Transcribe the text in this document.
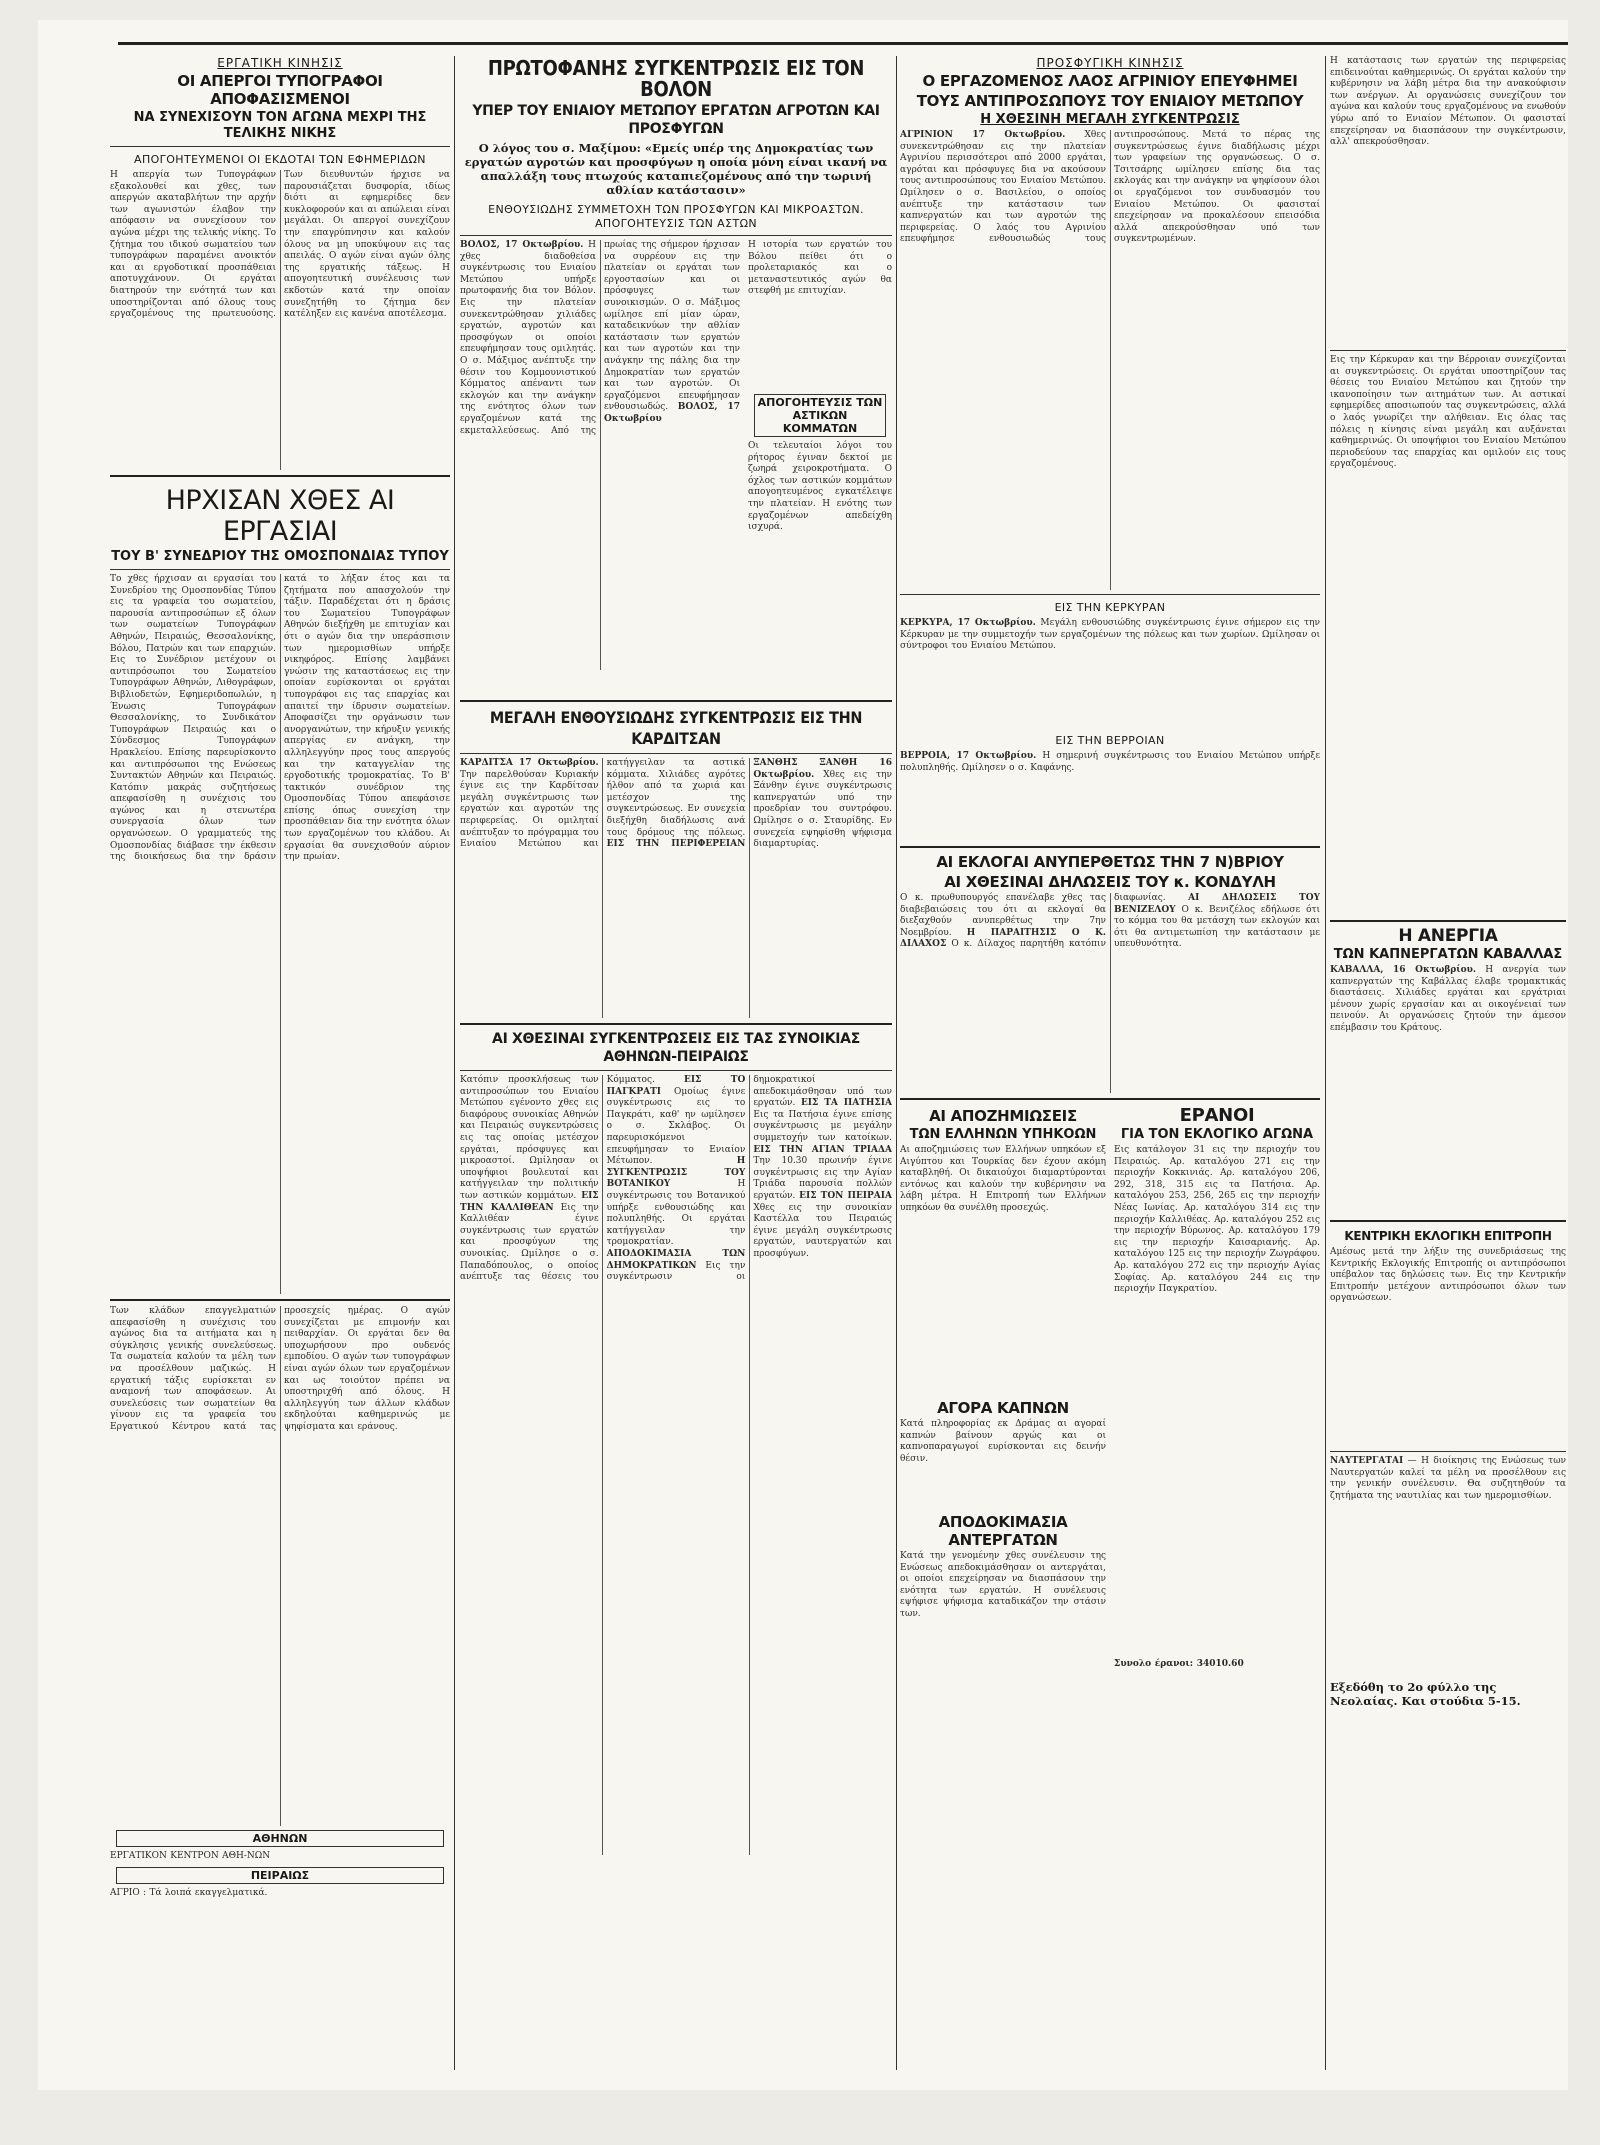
ΕΡΓΑΤΙΚΗ ΚΙΝΗΣΙΣ
ΟΙ ΑΠΕΡΓΟΙ ΤΥΠΟΓΡΑΦΟΙ ΑΠΟΦΑΣΙΣΜΕΝΟΙ
ΝΑ ΣΥΝΕΧΙΣΟΥΝ ΤΟΝ ΑΓΩΝΑ ΜΕΧΡΙ ΤΗΣ ΤΕΛΙΚΗΣ ΝΙΚΗΣ
ΑΠΟΓΟΗΤΕΥΜΕΝΟΙ ΟΙ ΕΚΔΟΤΑΙ ΤΩΝ ΕΦΗΜΕΡΙΔΩΝ
Η απεργία των Τυπογράφων εξακολουθεί και χθες, των απεργών ακαταβλήτων την αρχήν των αγωνιστών έλαβον την απόφασιν να συνεχίσουν τον αγώνα μέχρι της τελικής νίκης. Το ζήτημα του ιδικού σωματείου των τυπογράφων παραμένει ανοικτόν και αι εργοδοτικαί προσπάθειαι αποτυγχάνουν. Οι εργάται διατηρούν την ενότητά των και υποστηρίζονται από όλους τους εργαζομένους της πρωτευούσης. Των διευθυντών ήρχισε να παρουσιάζεται δυσφορία, ιδίως διότι αι εφημερίδες δεν κυκλοφορούν και αι απώλειαι είναι μεγάλαι. Οι απεργοί συνεχίζουν την επαγρύπνησιν και καλούν όλους να μη υποκύψουν εις τας απειλάς. Ο αγών είναι αγών όλης της εργατικής τάξεως. Η απογοητευτική συνέλευσις των εκδοτών κατά την οποίαν συνεζητήθη το ζήτημα δεν κατέληξεν εις κανένα αποτέλεσμα.
ΗΡΧΙΣΑΝ ΧΘΕΣ ΑΙ ΕΡΓΑΣΙΑΙ
ΤΟΥ Β' ΣΥΝΕΔΡΙΟΥ ΤΗΣ ΟΜΟΣΠΟΝΔΙΑΣ ΤΥΠΟΥ
Το χθες ήρχισαν αι εργασίαι του Συνεδρίου της Ομοσπονδίας Τύπου εις τα γραφεία του σωματείου, παρουσία αντιπροσώπων εξ όλων των σωματείων Τυπογράφων Αθηνών, Πειραιώς, Θεσσαλονίκης, Βόλου, Πατρών και των επαρχιών. Εις το Συνέδριον μετέχουν οι αντιπρόσωποι του Σωματείου Τυπογράφων Αθηνών, Λιθογράφων, Βιβλιοδετών, Εφημεριδοπωλών, η Ένωσις Τυπογράφων Θεσσαλονίκης, το Συνδικάτον Τυπογράφων Πειραιώς και ο Σύνδεσμος Τυπογράφων Ηρακλείου. Επίσης παρευρίσκοντο και αντιπρόσωποι της Ενώσεως Συντακτών Αθηνών και Πειραιώς. Κατόπιν μακράς συζητήσεως απεφασίσθη η συνέχισις του αγώνος και η στενωτέρα συνεργασία όλων των οργανώσεων. Ο γραμματεύς της Ομοσπονδίας διάβασε την έκθεσιν της διοικήσεως δια την δράσιν κατά το λήξαν έτος και τα ζητήματα που απασχολούν την τάξιν. Παραδέχεται ότι η δράσις του Σωματείου Τυπογράφων Αθηνών διεξήχθη με επιτυχίαν και ότι ο αγών δια την υπεράσπισιν των ημερομισθίων υπήρξε νικηφόρος. Επίσης λαμβάνει γνώσιν της καταστάσεως εις την οποίαν ευρίσκονται οι εργάται τυπογράφοι εις τας επαρχίας και απαιτεί την ίδρυσιν σωματείων. Αποφασίζει την οργάνωσιν των ανοργανώτων, την κήρυξιν γενικής απεργίας εν ανάγκη, την αλληλεγγύην προς τους απεργούς και την καταγγελίαν της εργοδοτικής τρομοκρατίας. Το Β' τακτικόν συνέδριον της Ομοσπονδίας Τύπου απεφάσισε επίσης όπως συνεχίση την προσπάθειαν δια την ενότητα όλων των εργαζομένων του κλάδου. Αι εργασίαι θα συνεχισθούν αύριον την πρωίαν.
Των κλάδων επαγγελματιών απεφασίσθη η συνέχισις του αγώνος δια τα αιτήματα και η σύγκλησις γενικής συνελεύσεως. Τα σωματεία καλούν τα μέλη των να προσέλθουν μαζικώς. Η εργατική τάξις ευρίσκεται εν αναμονή των αποφάσεων. Αι συνελεύσεις των σωματείων θα γίνουν εις τα γραφεία του Εργατικού Κέντρου κατά τας προσεχείς ημέρας. Ο αγών συνεχίζεται με επιμονήν και πειθαρχίαν. Οι εργάται δεν θα υποχωρήσουν προ ουδενός εμποδίου. Ο αγών των τυπογράφων είναι αγών όλων των εργαζομένων και ως τοιούτον πρέπει να υποστηριχθή από όλους. Η αλληλεγγύη των άλλων κλάδων εκδηλούται καθημερινώς με ψηφίσματα και εράνους.
ΑΘΗΝΩΝ
ΕΡΓΑΤΙΚΟΝ ΚΕΝΤΡΟΝ ΑΘΗ-ΝΩΝ
ΠΕΙΡΑΙΩΣ
ΑΓΡΙΟ : Τά λοιπά εκαγγελματικά.
ΠΡΩΤΟΦΑΝΗΣ ΣΥΓΚΕΝΤΡΩΣΙΣ ΕΙΣ ΤΟΝ ΒΟΛΟΝ
ΥΠΕΡ ΤΟΥ ΕΝΙΑΙΟΥ ΜΕΤΩΠΟΥ ΕΡΓΑΤΩΝ ΑΓΡΟΤΩΝ ΚΑΙ ΠΡΟΣΦΥΓΩΝ
Ο λόγος του σ. Μαξίμου: «Εμείς υπέρ της Δημοκρατίας των εργατών αγροτών και προσφύγων η οποία μόνη είναι ικανή να απαλλάξη τους πτωχούς καταπιεζομένους από την τωρινή αθλίαν κατάστασιν»
ΕΝΘΟΥΣΙΩΔΗΣ ΣΥΜΜΕΤΟΧΗ ΤΩΝ ΠΡΟΣΦΥΓΩΝ ΚΑΙ ΜΙΚΡΟΑΣΤΩΝ. ΑΠΟΓΟΗΤΕΥΣΙΣ ΤΩΝ ΑΣΤΩΝ
ΒΟΛΟΣ, 17 Οκτωβρίου. Η χθες διαδοθείσα συγκέντρωσις του Ενιαίου Μετώπου υπήρξε πρωτοφανής δια τον Βόλον. Εις την πλατείαν συνεκεντρώθησαν χιλιάδες εργατών, αγροτών και προσφύγων οι οποίοι επευφήμησαν τους ομιλητάς. Ο σ. Μάξιμος ανέπτυξε την θέσιν του Κομμουνιστικού Κόμματος απέναντι των εκλογών και την ανάγκην της ενότητος όλων των εργαζομένων κατά της εκμεταλλεύσεως. Από της πρωίας της σήμερον ήρχισαν να συρρέουν εις την πλατείαν οι εργάται των εργοστασίων και οι πρόσφυγες των συνοικισμών. Ο σ. Μάξιμος ωμίλησε επί μίαν ώραν, καταδεικνύων την αθλίαν κατάστασιν των εργατών και των αγροτών και την ανάγκην της πάλης δια την Δημοκρατίαν των εργατών και των αγροτών. Οι εργαζόμενοι επευφήμησαν ενθουσιωδώς. ΒΟΛΟΣ, 17 Οκτωβρίου
Η ιστορία των εργατών του Βόλου πείθει ότι ο προλεταριακός και ο μεταναστευτικός αγών θα στεφθή με επιτυχίαν.
ΑΠΟΓΟΗΤΕΥΣΙΣ ΤΩΝ ΑΣΤΙΚΩΝ ΚΟΜΜΑΤΩΝ
Οι τελευταίοι λόγοι του ρήτορος έγιναν δεκτοί με ζωηρά χειροκροτήματα. Ο όχλος των αστικών κομμάτων απογοητευμένος εγκατέλειψε την πλατείαν. Η ενότης των εργαζομένων απεδείχθη ισχυρά.
ΜΕΓΑΛΗ ΕΝΘΟΥΣΙΩΔΗΣ ΣΥΓΚΕΝΤΡΩΣΙΣ ΕΙΣ ΤΗΝ ΚΑΡΔΙΤΣΑΝ
ΚΑΡΔΙΤΣΑ 17 Οκτωβρίου. Την παρελθούσαν Κυριακήν έγινε εις την Καρδίτσαν μεγάλη συγκέντρωσις των εργατών και αγροτών της περιφερείας. Οι ομιληταί ανέπτυξαν το πρόγραμμα του Ενιαίου Μετώπου και κατήγγειλαν τα αστικά κόμματα. Χιλιάδες αγρότες ήλθον από τα χωριά και μετέσχον της συγκεντρώσεως. Εν συνεχεία διεξήχθη διαδήλωσις ανά τους δρόμους της πόλεως. ΕΙΣ ΤΗΝ ΠΕΡΙΦΕΡΕΙΑΝ ΞΑΝΘΗΣ ΞΑΝΘΗ 16 Οκτωβρίου. Χθες εις την Ξάνθην έγινε συγκέντρωσις καπνεργατών υπό την προεδρίαν του συντρόφου. Ωμίλησε ο σ. Σταυρίδης. Εν συνεχεία εψηφίσθη ψήφισμα διαμαρτυρίας.
ΑΙ ΧΘΕΣΙΝΑΙ ΣΥΓΚΕΝΤΡΩΣΕΙΣ ΕΙΣ ΤΑΣ ΣΥΝΟΙΚΙΑΣ ΑΘΗΝΩΝ-ΠΕΙΡΑΙΩΣ
Κατόπιν προσκλήσεως των αντιπροσώπων του Ενιαίου Μετώπου εγένοντο χθες εις διαφόρους συνοικίας Αθηνών και Πειραιώς συγκεντρώσεις εις τας οποίας μετέσχον εργάται, πρόσφυγες και μικροαστοί. Ωμίλησαν οι υποψήφιοι βουλευταί και κατήγγειλαν την πολιτικήν των αστικών κομμάτων. ΕΙΣ ΤΗΝ ΚΑΛΛΙΘΕΑΝ Εις την Καλλιθέαν έγινε συγκέντρωσις των εργατών και προσφύγων της συνοικίας. Ωμίλησε ο σ. Παπαδόπουλος, ο οποίος ανέπτυξε τας θέσεις του Κόμματος. ΕΙΣ ΤΟ ΠΑΓΚΡΑΤΙ Ομοίως έγινε συγκέντρωσις εις το Παγκράτι, καθ' ην ωμίλησεν ο σ. Σκλάβος. Οι παρευρισκόμενοι επευφήμησαν το Ενιαίον Μέτωπον. Η ΣΥΓΚΕΝΤΡΩΣΙΣ ΤΟΥ ΒΟΤΑΝΙΚΟΥ Η συγκέντρωσις του Βοτανικού υπήρξε ενθουσιώδης και πολυπληθής. Οι εργάται κατήγγειλαν την τρομοκρατίαν. ΑΠΟΔΟΚΙΜΑΣΙΑ ΤΩΝ ΔΗΜΟΚΡΑΤΙΚΩΝ Εις την συγκέντρωσιν οι δημοκρατικοί απεδοκιμάσθησαν υπό των εργατών. ΕΙΣ ΤΑ ΠΑΤΗΣΙΑ Εις τα Πατήσια έγινε επίσης συγκέντρωσις με μεγάλην συμμετοχήν των κατοίκων. ΕΙΣ ΤΗΝ ΑΓΙΑΝ ΤΡΙΑΔΑ Την 10.30 πρωινήν έγινε συγκέντρωσις εις την Αγίαν Τριάδα παρουσία πολλών εργατών. ΕΙΣ ΤΟΝ ΠΕΙΡΑΙΑ Χθες εις την συνοικίαν Καστέλλα του Πειραιώς έγινε μεγάλη συγκέντρωσις εργατών, ναυτεργατών και προσφύγων.
ΠΡΟΣΦΥΓΙΚΗ ΚΙΝΗΣΙΣ
Ο ΕΡΓΑΖΟΜΕΝΟΣ ΛΑΟΣ ΑΓΡΙΝΙΟΥ ΕΠΕΥΦΗΜΕΙ
ΤΟΥΣ ΑΝΤΙΠΡΟΣΩΠΟΥΣ ΤΟΥ ΕΝΙΑΙΟΥ ΜΕΤΩΠΟΥ
Η ΧΘΕΣΙΝΗ ΜΕΓΑΛΗ ΣΥΓΚΕΝΤΡΩΣΙΣ
ΑΓΡΙΝΙΟΝ 17 Οκτωβρίου. Χθες συνεκεντρώθησαν εις την πλατείαν Αγρινίου περισσότεροι από 2000 εργάται, αγρόται και πρόσφυγες δια να ακούσουν τους αντιπροσώπους του Ενιαίου Μετώπου. Ωμίλησεν ο σ. Βασιλείου, ο οποίος ανέπτυξε την κατάστασιν των καπνεργατών και των αγροτών της περιφερείας. Ο λαός του Αγρινίου επευφήμησε ενθουσιωδώς τους αντιπροσώπους. Μετά το πέρας της συγκεντρώσεως έγινε διαδήλωσις μέχρι των γραφείων της οργανώσεως. Ο σ. Τσιτσάρης ωμίλησεν επίσης δια τας εκλογάς και την ανάγκην να ψηφίσουν όλοι οι εργαζόμενοι τον συνδυασμόν του Ενιαίου Μετώπου. Οι φασισταί επεχείρησαν να προκαλέσουν επεισόδια αλλά απεκρούσθησαν υπό των συγκεντρωμένων.
ΕΙΣ ΤΗΝ ΚΕΡΚΥΡΑΝ
ΚΕΡΚΥΡΑ, 17 Οκτωβρίου. Μεγάλη ενθουσιώδης συγκέντρωσις έγινε σήμερον εις την Κέρκυραν με την συμμετοχήν των εργαζομένων της πόλεως και των χωρίων. Ωμίλησαν οι σύντροφοι του Ενιαίου Μετώπου.
ΕΙΣ ΤΗΝ ΒΕΡΡΟΙΑΝ
ΒΕΡΡΟΙΑ, 17 Οκτωβρίου. Η σημερινή συγκέντρωσις του Ενιαίου Μετώπου υπήρξε πολυπληθής. Ωμίλησεν ο σ. Καφάνης.
ΑΙ ΕΚΛΟΓΑΙ ΑΝΥΠΕΡΘΕΤΩΣ ΤΗΝ 7 Ν)ΒΡΙΟΥ
ΑΙ ΧΘΕΣΙΝΑΙ ΔΗΛΩΣΕΙΣ ΤΟΥ κ. ΚΟΝΔΥΛΗ
Ο κ. πρωθυπουργός επανέλαβε χθες τας διαβεβαιώσεις του ότι αι εκλογαί θα διεξαχθούν ανυπερθέτως την 7ην Νοεμβρίου. Η ΠΑΡΑΙΤΗΣΙΣ Ο Κ. ΔΙΛΑΧΟΣ Ο κ. Δίλαχος παρητήθη κατόπιν διαφωνίας. ΑΙ ΔΗΛΩΣΕΙΣ ΤΟΥ ΒΕΝΙΖΕΛΟΥ Ο κ. Βενιζέλος εδήλωσε ότι το κόμμα του θα μετάσχη των εκλογών και ότι θα αντιμετωπίση την κατάστασιν με υπευθυνότητα.
ΑΙ ΑΠΟΖΗΜΙΩΣΕΙΣ
ΤΩΝ ΕΛΛΗΝΩΝ ΥΠΗΚΟΩΝ
Αι αποζημιώσεις των Ελλήνων υπηκόων εξ Αιγύπτου και Τουρκίας δεν έχουν ακόμη καταβληθή. Οι δικαιούχοι διαμαρτύρονται εντόνως και καλούν την κυβέρνησιν να λάβη μέτρα. Η Επιτροπή των Ελλήνων υπηκόων θα συνέλθη προσεχώς.
ΑΓΟΡΑ ΚΑΠΝΩΝ
Κατά πληροφορίας εκ Δράμας αι αγοραί καπνών βαίνουν αργώς και οι καπνοπαραγωγοί ευρίσκονται εις δεινήν θέσιν.
ΑΠΟΔΟΚΙΜΑΣΙΑ ΑΝΤΕΡΓΑΤΩΝ
Κατά την γενομένην χθες συνέλευσιν της Ενώσεως απεδοκιμάσθησαν οι αντεργάται, οι οποίοι επεχείρησαν να διασπάσουν την ενότητα των εργατών. Η συνέλευσις εψήφισε ψήφισμα καταδικάζον την στάσιν των.
ΕΡΑΝΟΙ
ΓΙΑ ΤΟΝ ΕΚΛΟΓΙΚΟ ΑΓΩΝΑ
Εις κατάλογον 31 εις την περιοχήν του Πειραιώς. Αρ. καταλόγου 271 εις την περιοχήν Κοκκινιάς. Αρ. καταλόγου 206, 292, 318, 315 εις τα Πατήσια. Αρ. καταλόγου 253, 256, 265 εις την περιοχήν Νέας Ιωνίας. Αρ. καταλόγου 314 εις την περιοχήν Καλλιθέας. Αρ. καταλόγου 252 εις την περιοχήν Βύρωνος. Αρ. καταλόγου 179 εις την περιοχήν Καισαριανής. Αρ. καταλόγου 125 εις την περιοχήν Ζωγράφου. Αρ. καταλόγου 272 εις την περιοχήν Αγίας Σοφίας. Αρ. καταλόγου 244 εις την περιοχήν Παγκρατίου.
Συνολο έρανοι: 34010.60
Η κατάστασις των εργατών της περιφερείας επιδεινούται καθημερινώς. Οι εργάται καλούν την κυβέρνησιν να λάβη μέτρα δια την ανακούφισιν των ανέργων. Αι οργανώσεις συνεχίζουν τον αγώνα και καλούν τους εργαζομένους να ενωθούν γύρω από το Ενιαίον Μέτωπον. Οι φασισταί επεχείρησαν να διασπάσουν την συγκέντρωσιν, αλλ' απεκρούσθησαν.
Εις την Κέρκυραν και την Βέρροιαν συνεχίζονται αι συγκεντρώσεις. Οι εργάται υποστηρίζουν τας θέσεις του Ενιαίου Μετώπου και ζητούν την ικανοποίησιν των αιτημάτων των. Αι αστικαί εφημερίδες αποσιωπούν τας συγκεντρώσεις, αλλά ο λαός γνωρίζει την αλήθειαν. Εις όλας τας πόλεις η κίνησις είναι μεγάλη και αυξάνεται καθημερινώς. Οι υποψήφιοι του Ενιαίου Μετώπου περιοδεύουν τας επαρχίας και ομιλούν εις τους εργαζομένους.
Η ΑΝΕΡΓΙΑ
ΤΩΝ ΚΑΠΝΕΡΓΑΤΩΝ ΚΑΒΑΛΛΑΣ
ΚΑΒΑΛΛΑ, 16 Οκτωβρίου. Η ανεργία των καπνεργατών της Καβάλλας έλαβε τρομακτικάς διαστάσεις. Χιλιάδες εργάται και εργάτριαι μένουν χωρίς εργασίαν και αι οικογένειαί των πεινούν. Αι οργανώσεις ζητούν την άμεσον επέμβασιν του Κράτους.
ΚΕΝΤΡΙΚΗ ΕΚΛΟΓΙΚΗ ΕΠΙΤΡΟΠΗ
Αμέσως μετά την λήξιν της συνεδριάσεως της Κεντρικής Εκλογικής Επιτροπής οι αντιπρόσωποι υπέβαλον τας δηλώσεις των. Εις την Κεντρικήν Επιτροπήν μετέχουν αντιπρόσωποι όλων των οργανώσεων.
ΝΑΥΤΕΡΓΑΤΑΙ — Η διοίκησις της Ενώσεως των Ναυτεργατών καλεί τα μέλη να προσέλθουν εις την γενικήν συνέλευσιν. Θα συζητηθούν τα ζητήματα της ναυτιλίας και των ημερομισθίων.
Εξεδόθη το 2ο φύλλο της Νεολαίας. Και στούδια 5-15.
